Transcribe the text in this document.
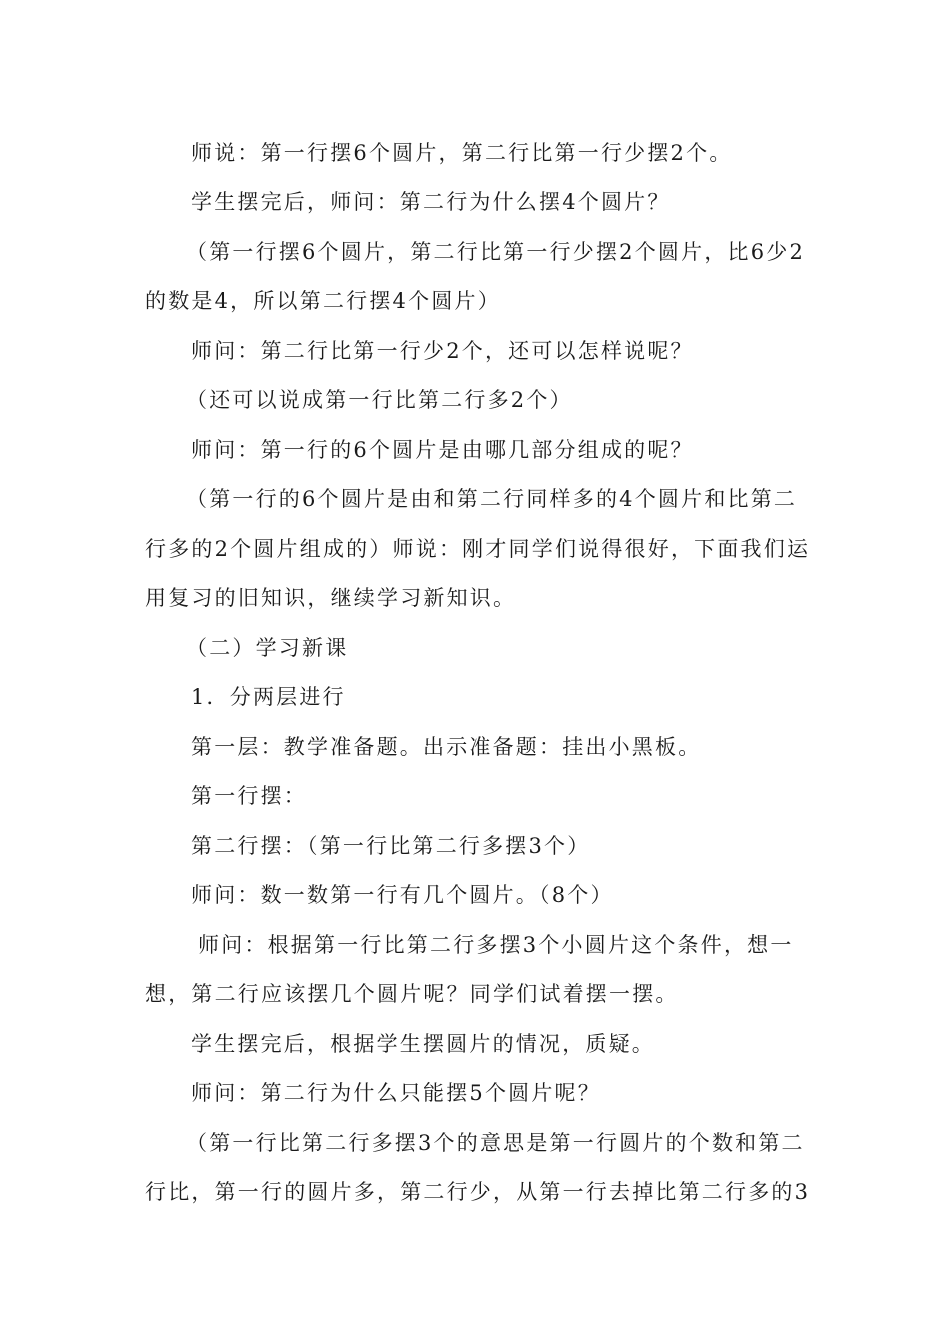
师说：第一行摆6个圆片，第二行比第一行少摆2个。
学生摆完后，师问：第二行为什么摆4个圆片？
（第一行摆6个圆片，第二行比第一行少摆2个圆片，比6少2
的数是4，所以第二行摆4个圆片）
师问：第二行比第一行少2个，还可以怎样说呢？
（还可以说成第一行比第二行多2个）
师问：第一行的6个圆片是由哪几部分组成的呢？
（第一行的6个圆片是由和第二行同样多的4个圆片和比第二
行多的2个圆片组成的）师说：刚才同学们说得很好，下面我们运
用复习的旧知识，继续学习新知识。
（二）学习新课
1．分两层进行
第一层：教学准备题。出示准备题：挂出小黑板。
第一行摆：
第二行摆：（第一行比第二行多摆3个）
师问：数一数第一行有几个圆片。（8个）
师问：根据第一行比第二行多摆3个小圆片这个条件，想一
想，第二行应该摆几个圆片呢？同学们试着摆一摆。
学生摆完后，根据学生摆圆片的情况，质疑。
师问：第二行为什么只能摆5个圆片呢？
（第一行比第二行多摆3个的意思是第一行圆片的个数和第二
行比，第一行的圆片多，第二行少，从第一行去掉比第二行多的3
